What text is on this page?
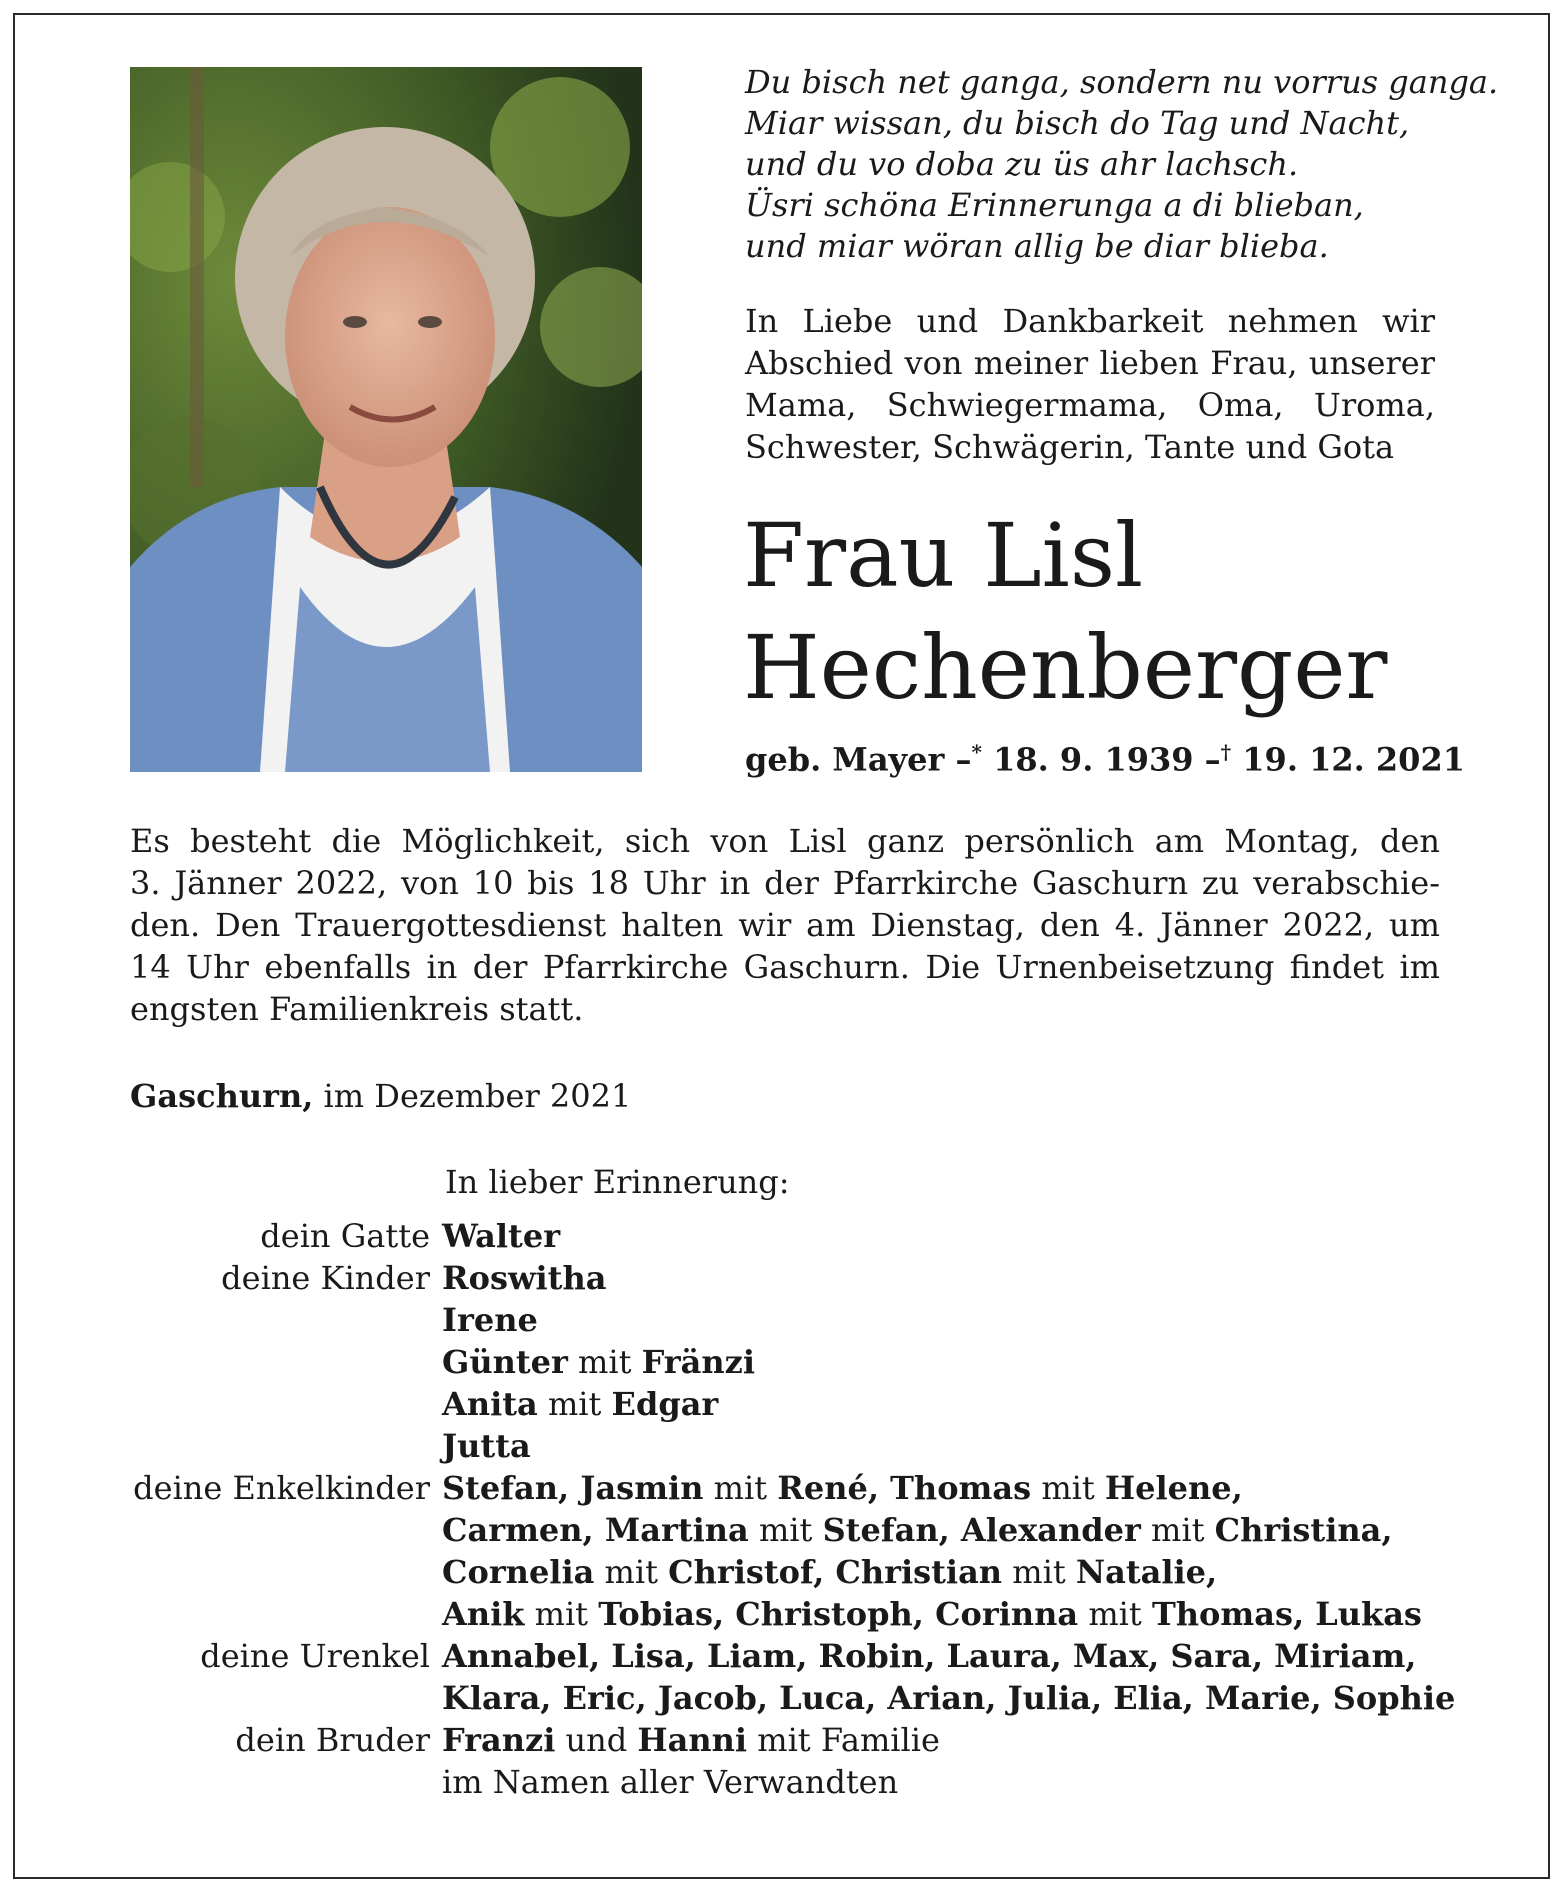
Du bisch net ganga, sondern nu vorrus ganga.
Miar wissan, du bisch do Tag und Nacht,
und du vo doba zu üs ahr lachsch.
Üsri schöna Erinnerunga a di blieban,
und miar wöran allig be diar blieba.
In Liebe und Dankbarkeit nehmen wir
Abschied von meiner lieben Frau, unserer
Mama, Schwiegermama, Oma, Uroma,
Schwester, Schwägerin, Tante und Gota
Frau Lisl
Hechenberger
geb. Mayer –* 18. 9. 1939 –† 19. 12. 2021
Es besteht die Möglichkeit, sich von Lisl ganz persönlich am Montag, den
3. Jänner 2022, von 10 bis 18 Uhr in der Pfarrkirche Gaschurn zu verabschie-
den. Den Trauergottesdienst halten wir am Dienstag, den 4. Jänner 2022, um
14 Uhr ebenfalls in der Pfarrkirche Gaschurn. Die Urnenbeisetzung findet im
engsten Familienkreis statt.
Gaschurn, im Dezember 2021
In lieber Erinnerung:
dein Gatte Walter
deine Kinder Roswitha
Irene
Günter mit Fränzi
Anita mit Edgar
Jutta
deine Enkelkinder Stefan, Jasmin mit René, Thomas mit Helene,
Carmen, Martina mit Stefan, Alexander mit Christina,
Cornelia mit Christof, Christian mit Natalie,
Anik mit Tobias, Christoph, Corinna mit Thomas, Lukas
deine Urenkel Annabel, Lisa, Liam, Robin, Laura, Max, Sara, Miriam,
Klara, Eric, Jacob, Luca, Arian, Julia, Elia, Marie, Sophie
dein Bruder Franzi und Hanni mit Familie
im Namen aller Verwandten
